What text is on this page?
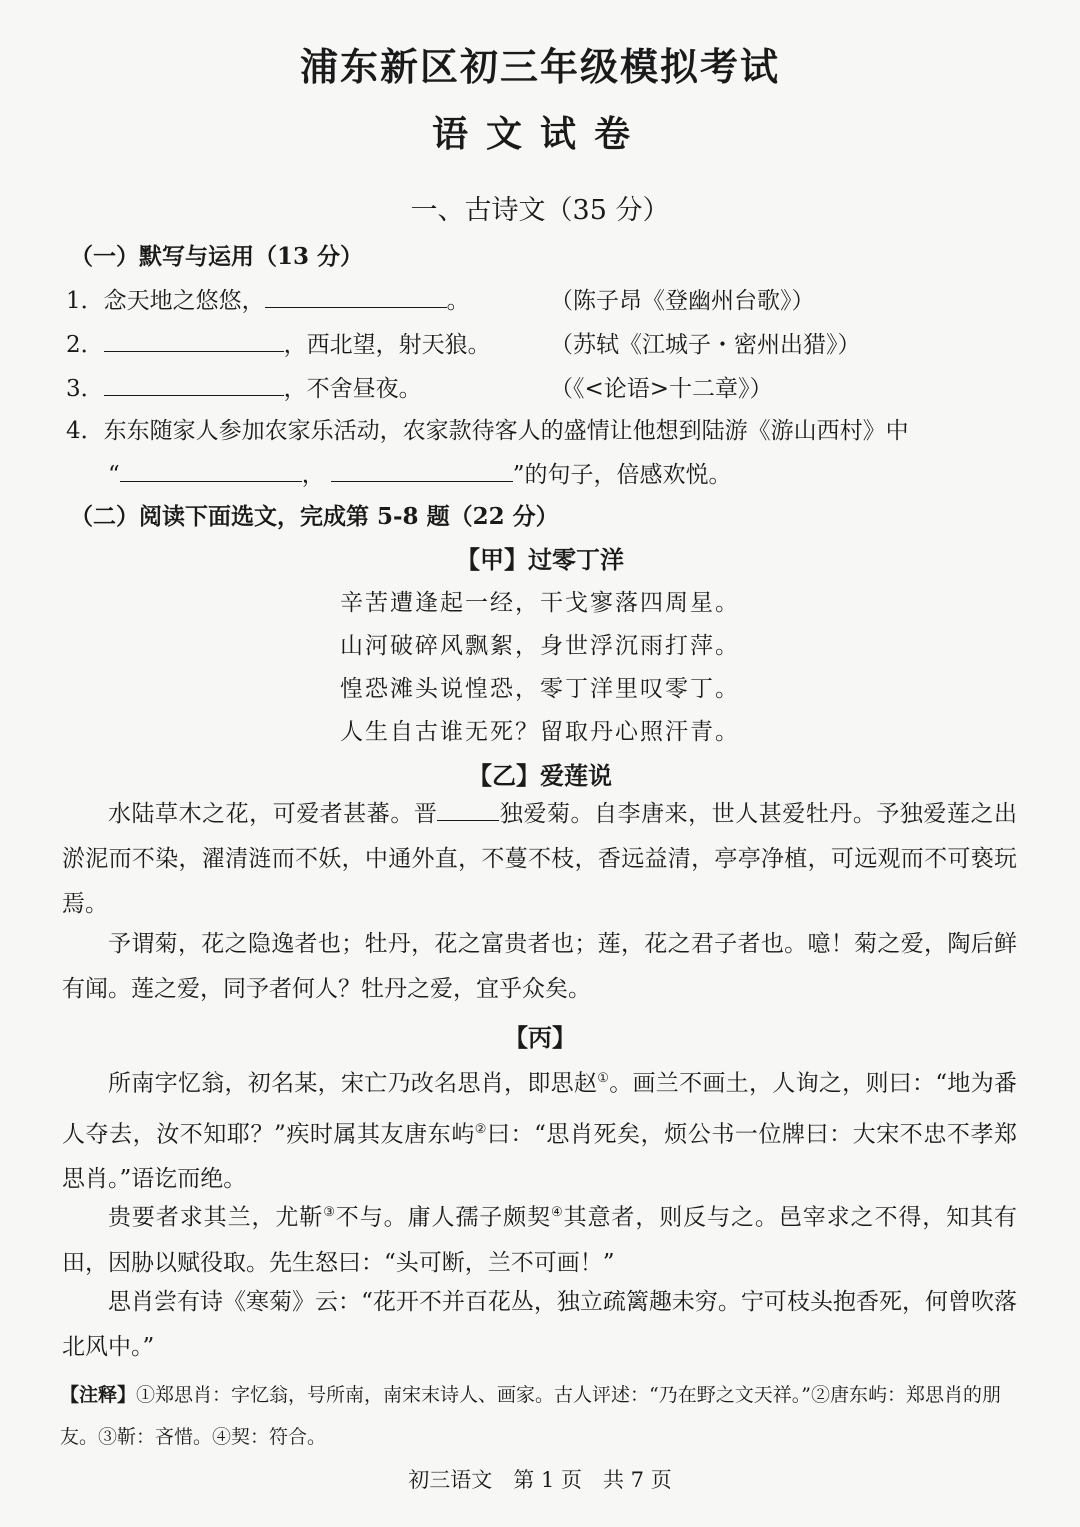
浦东新区初三年级模拟考试
语文试卷
一、古诗文（35 分）
（一）默写与运用（13 分）
1．念天地之悠悠，	。	（陈子昂《登幽州台歌》）
2．	，西北望，射天狼。	（苏轼《江城子・密州出猎》）
3．	，不舍昼夜。	（《<论语>十二章》）
4．东东随家人参加农家乐活动，农家款待客人的盛情让他想到陆游《游山西村》中
“	，	”的句子，倍感欢悦。
（二）阅读下面选文，完成第 5-8 题（22 分）
【甲】过零丁洋
辛苦遭逢起一经，干戈寥落四周星。
山河破碎风飘絮，身世浮沉雨打萍。
惶恐滩头说惶恐，零丁洋里叹零丁。
人生自古谁无死？留取丹心照汗青。
【乙】爱莲说
水陆草木之花，可爱者甚蕃。晋	独爱菊。自李唐来，世人甚爱牡丹。予独爱莲之出淤泥而不染，濯清涟而不妖，中通外直，不蔓不枝，香远益清，亭亭净植，可远观而不可亵玩焉。
予谓菊，花之隐逸者也；牡丹，花之富贵者也；莲，花之君子者也。噫！菊之爱，陶后鲜有闻。莲之爱，同予者何人？牡丹之爱，宜乎众矣。
【丙】
所南字忆翁，初名某，宋亡乃改名思肖，即思赵①。画兰不画土，人询之，则曰：“地为番人夺去，汝不知耶？”疾时属其友唐东屿②曰：“思肖死矣，烦公书一位牌曰：大宋不忠不孝郑思肖。”语讫而绝。
贵要者求其兰，尤靳③不与。庸人孺子颇契④其意者，则反与之。邑宰求之不得，知其有田，因胁以赋役取。先生怒曰：“头可断，兰不可画！”
思肖尝有诗《寒菊》云：“花开不并百花丛，独立疏篱趣未穷。宁可枝头抱香死，何曾吹落北风中。”
【注释】①郑思肖：字忆翁，号所南，南宋末诗人、画家。古人评述：“乃在野之文天祥。”②唐东屿：郑思肖的朋友。③靳：吝惜。④契：符合。
初三语文　第 1 页　共 7 页
